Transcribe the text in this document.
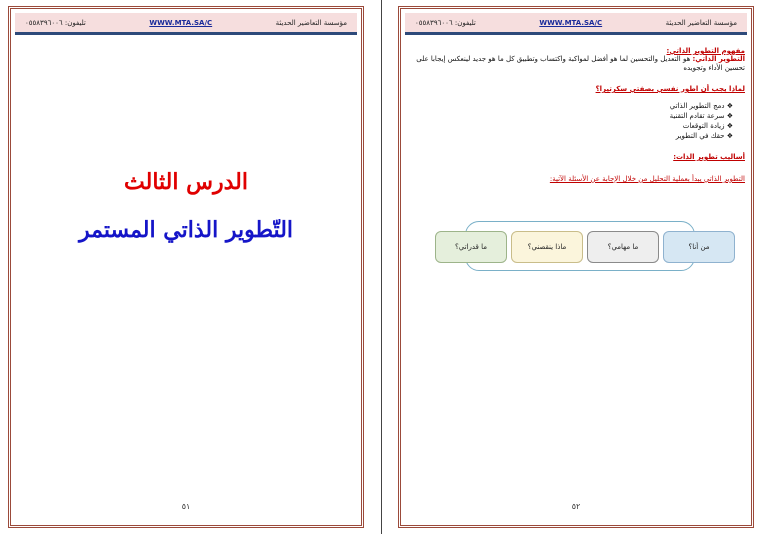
مؤسسة التعاضير الحديثة
WWW.MTA.SA/C
تليفون: ٠٥٥٨٣٩٦٠٠٦
الدرس الثالث
التّطوير الذاتي المستمر
٥١
مؤسسة التعاضير الحديثة
WWW.MTA.SA/C
تليفون: ٠٥٥٨٣٩٦٠٠٦
مفهوم التطوير الذاتي:
التطوير الذاتي: هو التعديل والتحسين لما هو أفضل لمواكبة واكتساب وتطبيق كل ما هو جديد لينعكس إيجابا على تحسين الأداء وتجويده
لماذا يجب أن اطور نفسي بصفتي سكرتيرا؟
❖ دمج التطوير الذاتي
❖ سرعة تقادم التقنية
❖ زيادة التوقعات
❖ حقك في التطوير
أساليب تطوير الذات:
التطوير الذاتي يبدأ بعملية التحليل من خلال الإجابة عن الأسئلة الآتية:
من أنا؟
ما مهامي؟
ماذا ينقصني؟
ما قدراتي؟
٥٢
